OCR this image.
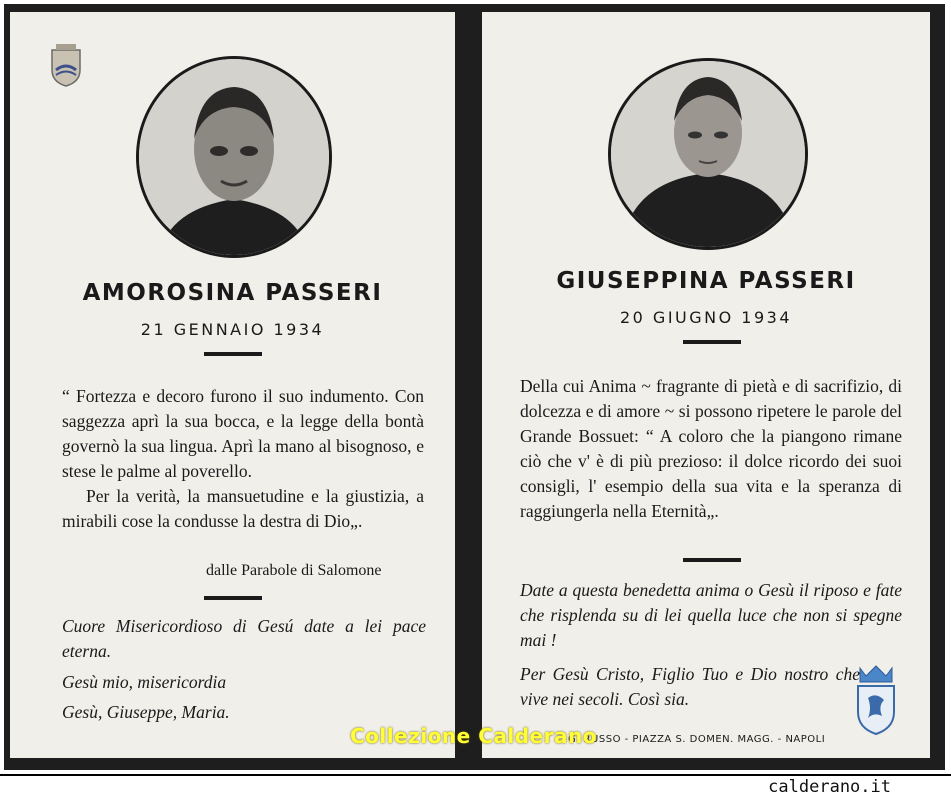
AMOROSINA PASSERI
21 GENNAIO 1934

“ Fortezza e decoro furono il suo indumento. Con saggezza aprì la sua bocca, e la legge della bontà governò la sua lingua. Aprì la mano al bisognoso, e stese le palme al poverello.

Per la verità, la mansuetudine e la giustizia, a mirabili cose la condusse la destra di Dio„.

dalle Parabole di Salomone
Cuore Misericordioso di Gesú date a lei pace eterna.
Gesù mio, misericordia
Gesù, Giuseppe, Maria.
GIUSEPPINA PASSERI
20 GIUGNO 1934
Della cui Anima ~ fragrante di pietà e di sacrifizio, di dolcezza e di amore ~ si possono ripetere le parole del Grande Bossuet: “ A coloro che la piangono rimane ciò che v' è di più prezioso: il dolce ricordo dei suoi consigli, l' esempio della sua vita e la speranza di raggiungerla nella Eternità„.
Date a questa benedetta anima o Gesù il riposo e fate che risplenda su di lei quella luce che non si spegne mai !
Per Gesù Cristo, Figlio Tuo e Dio nostro che vive nei secoli. Così sia.
G. RUSSO - PIAZZA S. DOMEN. MAGG. - NAPOLI
Collezione Calderano
calderano.it
